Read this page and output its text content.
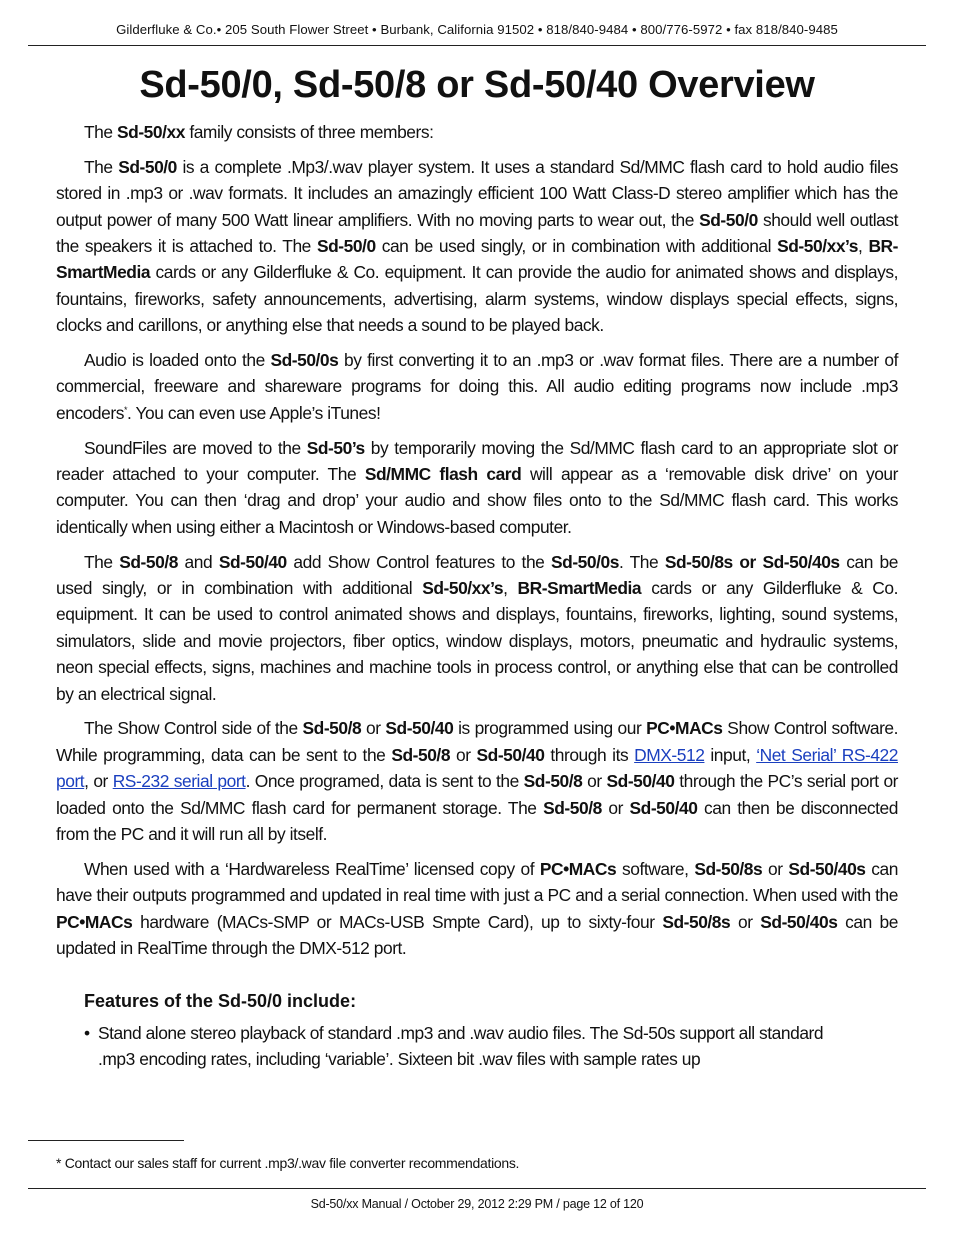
Gilderfluke & Co.• 205 South Flower Street • Burbank, California 91502 • 818/840-9484 • 800/776-5972 • fax 818/840-9485
Sd-50/0, Sd-50/8 or Sd-50/40 Overview

The Sd-50/xx family consists of three members:

The Sd-50/0 is a complete .Mp3/.wav player system. It uses a standard Sd/MMC flash card to hold audio files stored in .mp3 or .wav formats. It includes an amazingly efficient 100 Watt Class-D stereo amplifier which has the output power of many 500 Watt linear amplifiers. With no moving parts to wear out, the Sd-50/0 should well outlast the speakers it is attached to. The Sd-50/0 can be used singly, or in combination with additional Sd-50/xx’s, BR-SmartMedia cards or any Gilderfluke & Co. equipment. It can provide the audio for animated shows and displays, fountains, fireworks, safety announcements, advertising, alarm systems, window displays special effects, signs, clocks and carillons, or anything else that needs a sound to be played back.

Audio is loaded onto the Sd-50/0s by first converting it to an .mp3 or .wav format files. There are a number of commercial, freeware and shareware programs for doing this. All audio editing programs now include .mp3 encoders*. You can even use Apple’s iTunes!

SoundFiles are moved to the Sd-50’s by temporarily moving the Sd/MMC flash card to an appropriate slot or reader attached to your computer. The Sd/MMC flash card will appear as a ‘removable disk drive’ on your computer. You can then ‘drag and drop’ your audio and show files onto to the Sd/MMC flash card. This works identically when using either a Macintosh or Windows-based computer.

The Sd-50/8 and Sd-50/40 add Show Control features to the Sd-50/0s. The Sd-50/8s or Sd-50/40s can be used singly, or in combination with additional Sd-50/xx’s, BR-SmartMedia cards or any Gilderfluke & Co. equipment. It can be used to control animated shows and displays, fountains, fireworks, lighting, sound systems, simulators, slide and movie projectors, fiber optics, window displays, motors, pneumatic and hydraulic systems, neon special effects, signs, machines and machine tools in process control, or anything else that can be controlled by an electrical signal.

The Show Control side of the Sd-50/8 or Sd-50/40 is programmed using our PC•MACs Show Control software. While programming, data can be sent to the Sd-50/8 or Sd-50/40 through its DMX-512 input, ‘Net Serial’ RS-422 port, or RS-232 serial port. Once programed, data is sent to the Sd-50/8 or Sd-50/40 through the PC’s serial port or loaded onto the Sd/MMC flash card for permanent storage. The Sd-50/8 or Sd-50/40 can then be disconnected from the PC and it will run all by itself.

When used with a ‘Hardwareless RealTime’ licensed copy of PC•MACs software, Sd-50/8s or Sd-50/40s can have their outputs programmed and updated in real time with just a PC and a serial connection. When used with the PC•MACs hardware (MACs-SMP or MACs-USB Smpte Card), up to sixty-four Sd-50/8s or Sd-50/40s can be updated in RealTime through the DMX-512 port.

Features of the Sd-50/0 include:
• Stand alone stereo playback of standard .mp3 and .wav audio files. The Sd-50s support all standard .mp3 encoding rates, including ‘variable’. Sixteen bit .wav files with sample rates up
* Contact our sales staff for current .mp3/.wav file converter recommendations.
Sd-50/xx Manual / October 29, 2012 2:29 PM / page 12 of 120
